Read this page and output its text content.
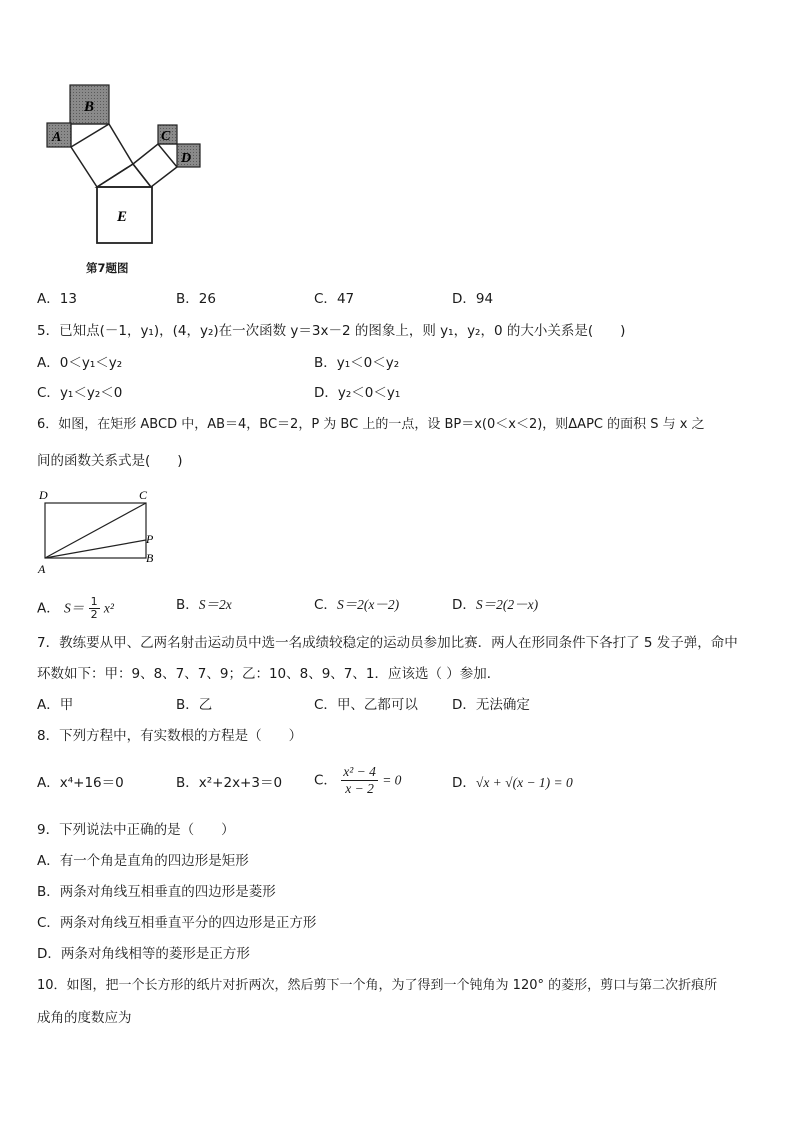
B
A	C
D
E
第7题图
A．13	B．26	C．47	D．94
5．已知点(－1，y₁)，(4，y₂)在一次函数 y＝3x－2 的图象上，则 y₁，y₂，0 的大小关系是(　　)
A．0＜y₁＜y₂	B．y₁＜0＜y₂
C．y₁＜y₂＜0	D．y₂＜0＜y₁
6．如图，在矩形 ABCD 中，AB＝4，BC＝2，P 为 BC 上的一点，设 BP＝x(0＜x＜2)，则ΔAPC 的面积 S 与 x 之
间的函数关系式是(　　)
D	C
P
B
A
A． $S= \frac{1}{2} x^2$	B．S＝2x	C．S＝2(x－2)	D．S＝2(2－x)
7．教练要从甲、乙两名射击运动员中选一名成绩较稳定的运动员参加比赛．两人在形同条件下各打了 5 发子弹，命中
环数如下：甲：9、8、7、7、9；乙：10、8、9、7、1．应该选（ ）参加．
A．甲	B．乙	C．甲、乙都可以	D．无法确定
8．下列方程中，有实数根的方程是（　　）
A．x⁴+16＝0	B．x²+2x+3＝0 C． $\frac{\text{x² − 4}}{x - 2} = 0$	D．√x + √(x − 1) = 0
9．下列说法中正确的是（　　）
A．有一个角是直角的四边形是矩形
B．两条对角线互相垂直的四边形是菱形
C．两条对角线互相垂直平分的四边形是正方形
D．两条对角线相等的菱形是正方形
10．如图，把一个长方形的纸片对折两次，然后剪下一个角，为了得到一个钝角为 120° 的菱形，剪口与第二次折痕所
成角的度数应为
